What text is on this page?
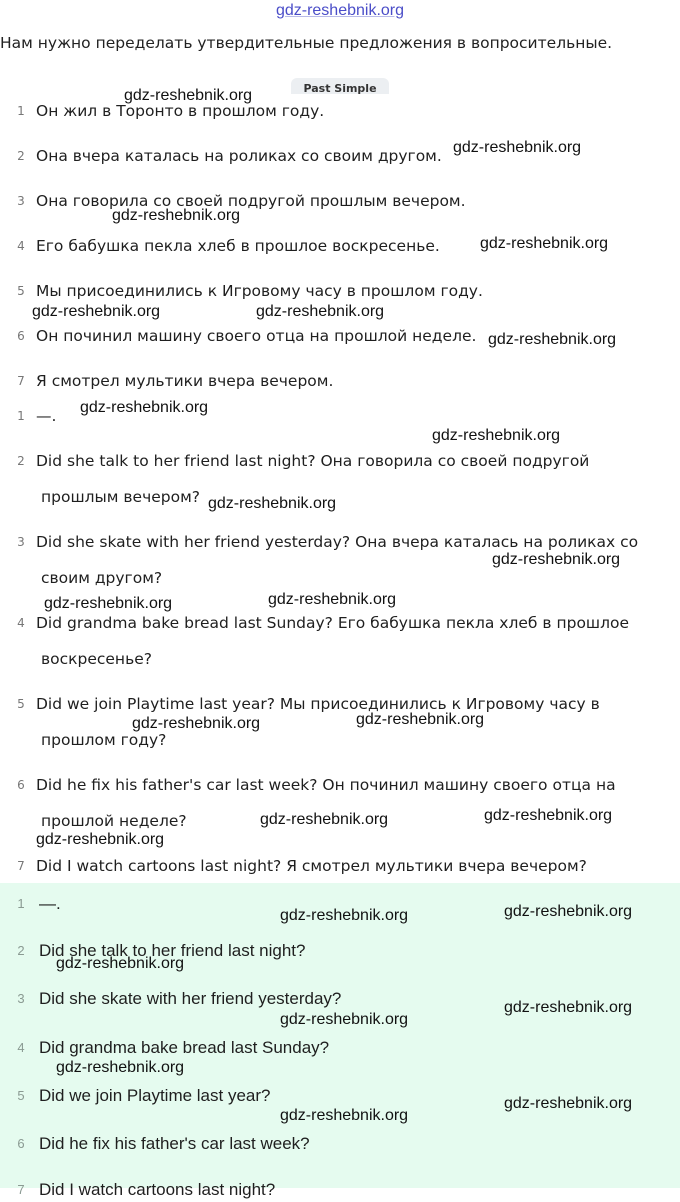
gdz-reshebnik.org
Нам нужно переделать утвердительные предложения в вопросительные.
Past Simple
1 Он жил в Торонто в прошлом году.
2 Она вчера каталась на роликах со своим другом.
3 Она говорила со своей подругой прошлым вечером.
4 Его бабушка пекла хлеб в прошлое воскресенье.
5 Мы присоединились к Игровому часу в прошлом году.
6 Он починил машину своего отца на прошлой неделе.
7 Я смотрел мультики вчера вечером.
1 —.
2 Did she talk to her friend last night? Она говорила со своей подругой
прошлым вечером?
3 Did she skate with her friend yesterday? Она вчера каталась на роликах со
своим другом?
4 Did grandma bake bread last Sunday? Его бабушка пекла хлеб в прошлое
воскресенье?
5 Did we join Playtime last year? Мы присоединились к Игровому часу в
прошлом году?
6 Did he fix his father's car last week? Он починил машину своего отца на
прошлой неделе?
7 Did I watch cartoons last night? Я смотрел мультики вчера вечером?
1 —.
2 Did she talk to her friend last night?
3 Did she skate with her friend yesterday?
4 Did grandma bake bread last Sunday?
5 Did we join Playtime last year?
6 Did he fix his father's car last week?
7 Did I watch cartoons last night?
gdz-reshebnik.org
gdz-reshebnik.org
gdz-reshebnik.org
gdz-reshebnik.org
gdz-reshebnik.org	gdz-reshebnik.org
gdz-reshebnik.org
gdz-reshebnik.org
gdz-reshebnik.org
gdz-reshebnik.org
gdz-reshebnik.org
gdz-reshebnik.org
gdz-reshebnik.org
gdz-reshebnik.org
gdz-reshebnik.org
gdz-reshebnik.org
gdz-reshebnik.org
gdz-reshebnik.org
gdz-reshebnik.org
gdz-reshebnik.org
gdz-reshebnik.org
gdz-reshebnik.org
gdz-reshebnik.org
gdz-reshebnik.org
gdz-reshebnik.org
gdz-reshebnik.org
